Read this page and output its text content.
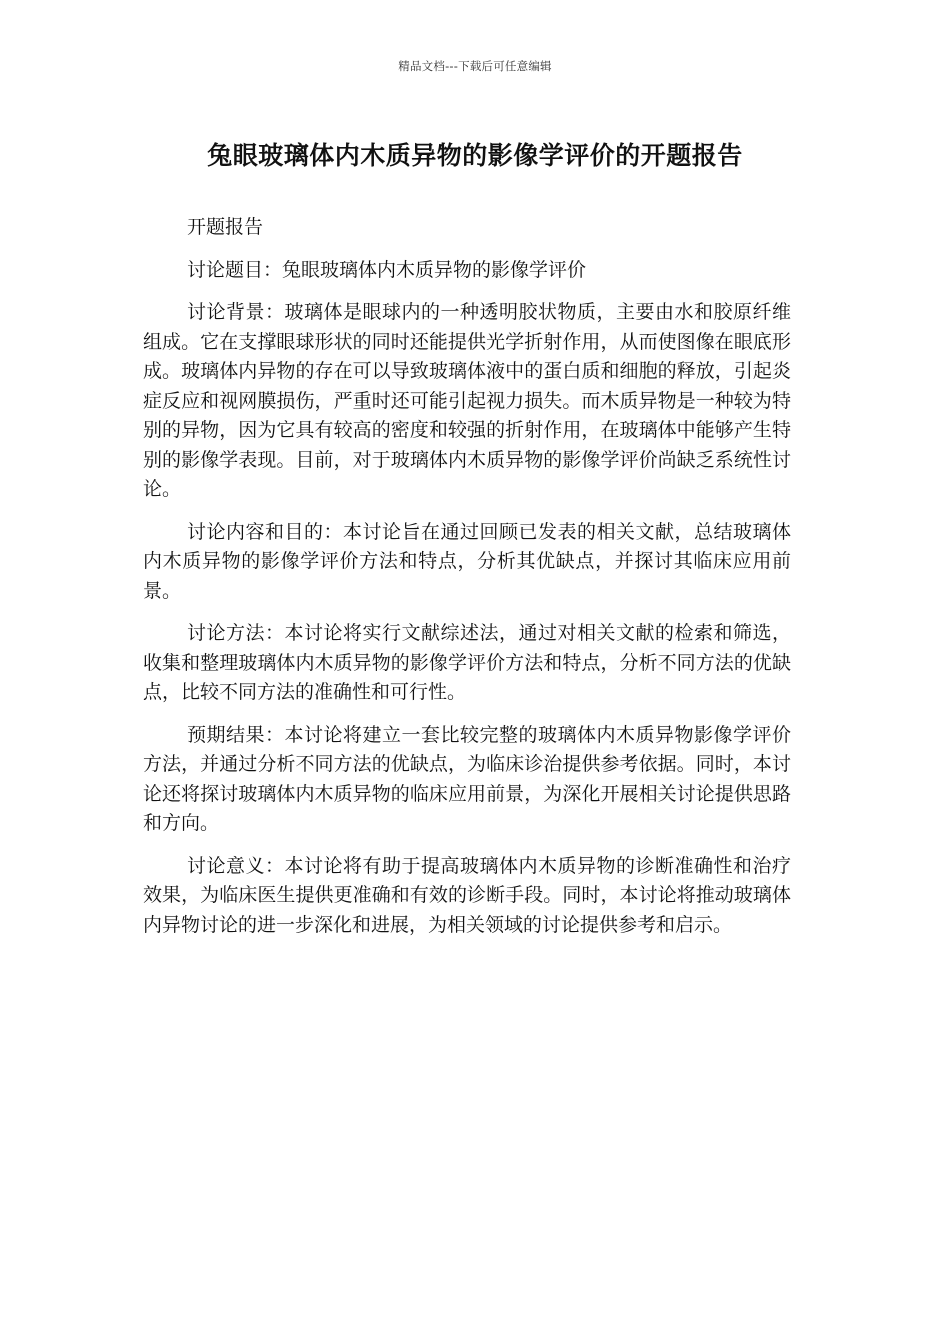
精品文档---下载后可任意编辑
兔眼玻璃体内木质异物的影像学评价的开题报告

开题报告

讨论题目：兔眼玻璃体内木质异物的影像学评价

讨论背景：玻璃体是眼球内的一种透明胶状物质，主要由水和胶原纤维组成。它在支撑眼球形状的同时还能提供光学折射作用，从而使图像在眼底形成。玻璃体内异物的存在可以导致玻璃体液中的蛋白质和细胞的释放，引起炎症反应和视网膜损伤，严重时还可能引起视力损失。而木质异物是一种较为特别的异物，因为它具有较高的密度和较强的折射作用，在玻璃体中能够产生特别的影像学表现。目前，对于玻璃体内木质异物的影像学评价尚缺乏系统性讨论。

讨论内容和目的：本讨论旨在通过回顾已发表的相关文献，总结玻璃体内木质异物的影像学评价方法和特点，分析其优缺点，并探讨其临床应用前景。

讨论方法：本讨论将实行文献综述法，通过对相关文献的检索和筛选，收集和整理玻璃体内木质异物的影像学评价方法和特点，分析不同方法的优缺点，比较不同方法的准确性和可行性。

预期结果：本讨论将建立一套比较完整的玻璃体内木质异物影像学评价方法，并通过分析不同方法的优缺点，为临床诊治提供参考依据。同时，本讨论还将探讨玻璃体内木质异物的临床应用前景，为深化开展相关讨论提供思路和方向。

讨论意义：本讨论将有助于提高玻璃体内木质异物的诊断准确性和治疗效果，为临床医生提供更准确和有效的诊断手段。同时，本讨论将推动玻璃体内异物讨论的进一步深化和进展，为相关领域的讨论提供参考和启示。
